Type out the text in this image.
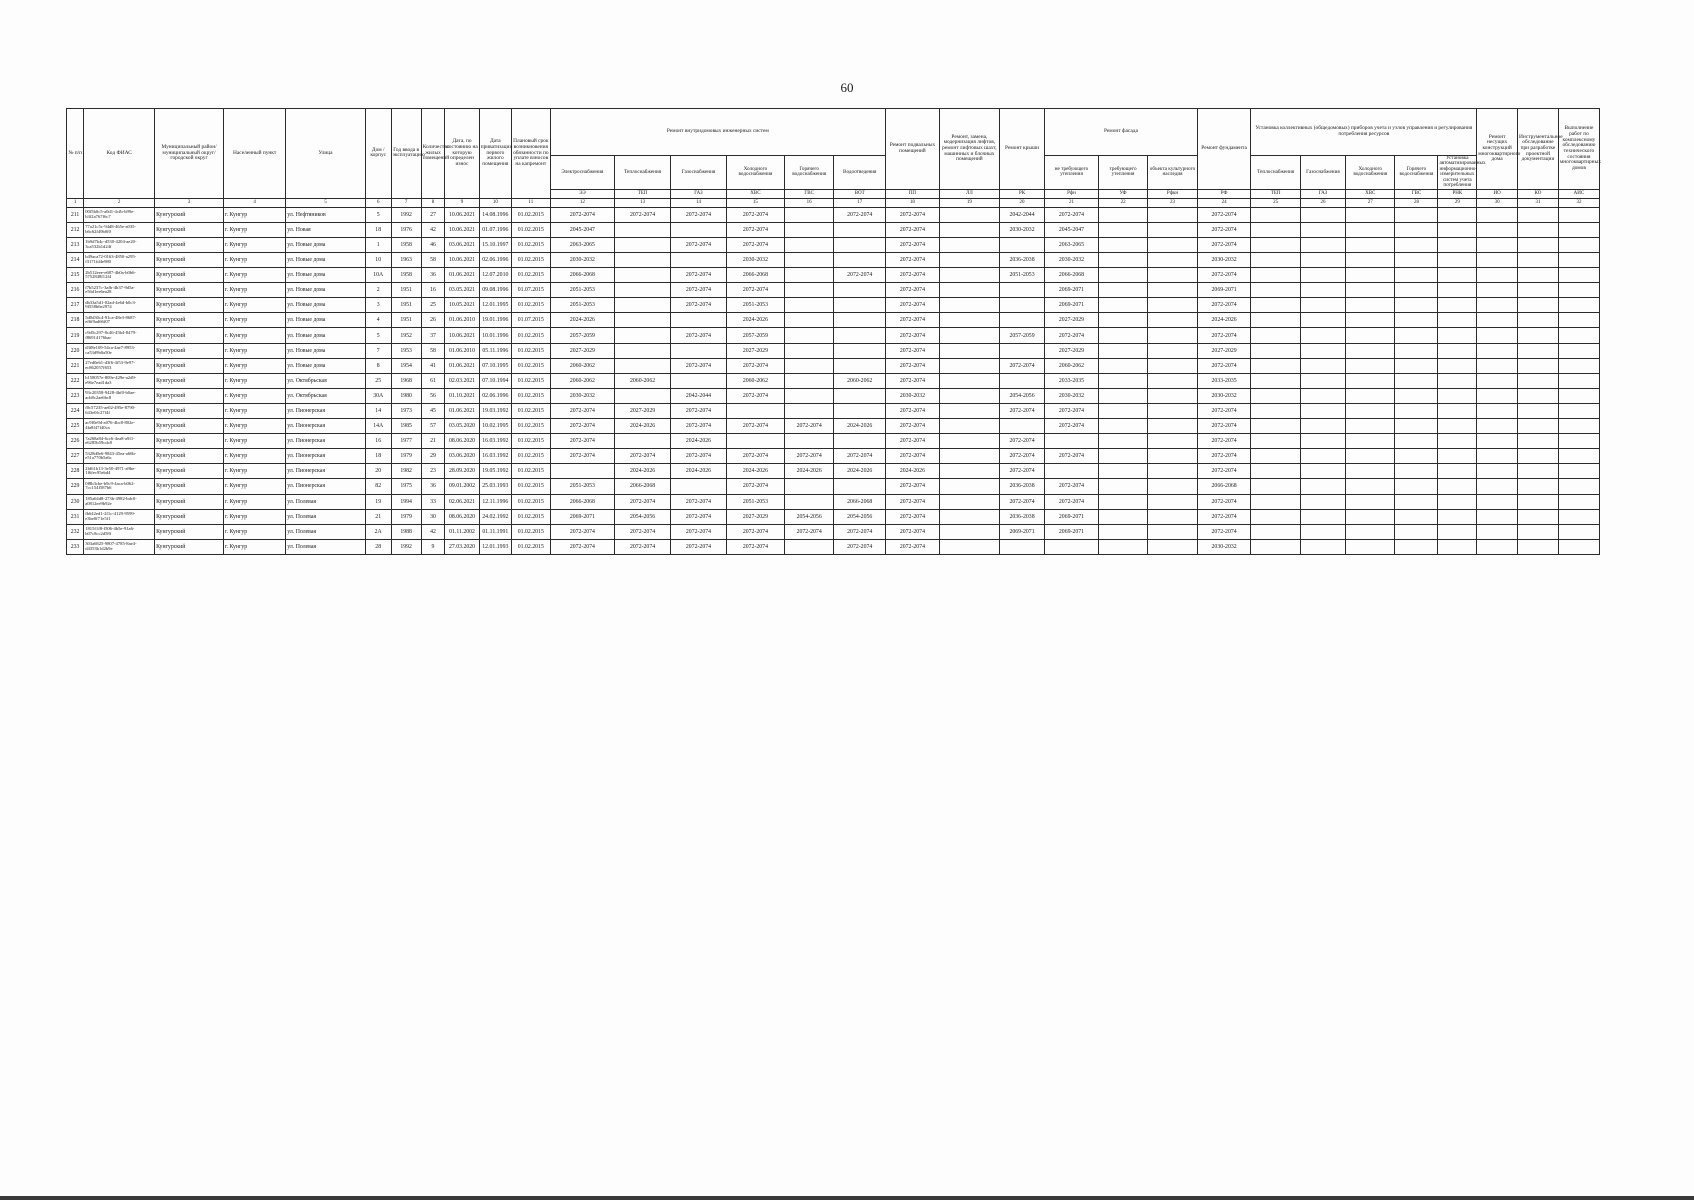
60
№ п/п	Код ФИАС	Муниципальный район/муниципальный округ/городской округ	Населенный пункт	Улица	Дом / корпус	Год ввода в эксплуатацию	Количество жилых помещений	Дата, по состоянию на которую определен износ	Дата приватизации первого жилого помещения	Плановый срок возникновения обязанности по уплате взносов на капремонт	Ремонт внутридомовых инженерных систем						Ремонт подвальных помещений	Ремонт, замена, модернизация лифтов, ремонт лифтовых шахт, машинных и блочных помещений	Ремонт крыши	Ремонт фасада			Ремонт фундамента	Установка коллективных (общедомовых) приборов учета и узлов управления и регулирования потребления ресурсов					Ремонт несущих конструкций многоквартирного дома	Инструментальное обследование при разработке проектной документации	Выполнение работ по комплексному обследованию технического состояния многоквартирных домов
											Электроснабжения	Теплоснабжения	Газоснабжения	Холодного водоснабжения	Горячего водоснабжения	Водоотведения				не требующего утепления	требующего утепления	объекта культурного наследия		Теплоснабжения	Газоснабжения	Холодного водоснабжения	Горячего водоснабжения	Установка автоматизированных информационно-измерительных систем учета потребления			
											ЭЭ	ТЕП	ГАЗ	ХВС	ГВС	ВОТ	ПП	ЛЛ	РК	Рфн	УФ	Рфкн	РФ	ТЕП	ГАЗ	ХВС	ГВС	РНК	ИО	КО	АИС
1	2	3	4	5	6	7	8	9	10	11	12	13	14	15	16	17	18	19	20	21	22	23	24	25	26	27	28	29	30	31	32
211	00f5b0c5-a0d1-4cfb-b99e-b3f2a767f6c7	Кунгурский	г. Кунгур	ул. Нефтяников	5	1992	27	10.06.2021	14.08.1996	01.02.2015	2072-2074	2072-2074	2072-2074	2072-2074		2072-2074	2072-2074		2042-2044	2072-2074			2072-2074								
212	77a21c5c-94d8-465e-a035-b6c62f49b0f0	Кунгурский	г. Кунгур	ул. Новая	18	1976	42	10.06.2021	01.07.1996	01.02.2015	2045-2047			2072-2074			2072-2074		2030-2032	2045-2047			2072-2074								
213	1b9d7b4c-d530-4204-ae20-3ca532b1d24f	Кунгурский	г. Кунгур	ул. Новые дома	1	1958	46	03.06.2021	15.10.1997	01.02.2015	2063-2065		2072-2074	2072-2074			2072-2074			2063-2065			2072-2074								
214	b49aca72-0163-4850-a295-f3171fd4e980	Кунгурский	г. Кунгур	ул. Новые дома	10	1963	58	10.06.2021	02.06.1996	01.02.2015	2030-2032			2030-2032			2072-2074		2036-2038	2030-2032			2030-2032								
215	2b512eee-e687-4b0a-b0b6-5752848f12f4	Кунгурский	г. Кунгур	ул. Новые дома	10А	1958	36	01.06.2021	12.07.2010	01.02.2015	2066-2068		2072-2074	2066-2068		2072-2074	2072-2074		2051-2053	2066-2068			2072-2074								
216	f7b5237c-3afb-4b37-9d5a-e56d1ee6ea28	Кунгурский	г. Кунгур	ул. Новые дома	2	1951	16	03.05.2021	09.08.1996	01.07.2015	2051-2053		2072-2074	2072-2074			2072-2074			2069-2071			2069-2071								
217	db33a5d1-02ad-4e6d-b0c3-9f558b6e2974	Кунгурский	г. Кунгур	ул. Новые дома	3	1951	25	10.05.2021	12.01.1995	01.02.2015	2051-2053		2072-2074	2051-2053			2072-2074			2069-2071			2072-2074								
218	5d0d30c4-91ca-48e3-8687-ef6f9ad66f07	Кунгурский	г. Кунгур	ул. Новые дома	4	1951	26	01.06.2010	19.01.1996	01.07.2015	2024-2026			2024-2026			2072-2074			2027-2029			2024-2026								
219	c9d5c297-8c46-45b4-8479-f86914176bac	Кунгурский	г. Кунгур	ул. Новые дома	5	1952	37	10.06.2021	10.01.1996	01.02.2015	2057-2059		2072-2074	2057-2059			2072-2074		2057-2059	2072-2074			2072-2074								
220	d3f8e109-54ca-4ae7-8953-ca53d9b0a50e	Кунгурский	г. Кунгур	ул. Новые дома	7	1953	58	01.06.2010	05.11.1996	01.02.2015	2027-2029			2027-2029			2072-2074			2027-2029			2027-2029								
221	27ed0eb1-d3f6-4f53-9e97-ec862057f653	Кунгурский	г. Кунгур	ул. Новые дома	8	1954	41	01.06.2021	07.10.1995	01.02.2015	2060-2062		2072-2074	2072-2074			2072-2074		2072-2074	2060-2062			2072-2074								
222	b158057e-809e-429e-a2d9-e96e7ead1da3	Кунгурский	г. Кунгур	ул. Октябрьская	25	1968	61	02.03.2021	07.10.1994	01.02.2015	2060-2062	2060-2062		2060-2062		2060-2062	2072-2074			2033-2035			2033-2035								
223	93c20358-9428-4bf0-b0ae-acb8c2ae6bc8	Кунгурский	г. Кунгур	ул. Октябрьская	30А	1980	56	01.10.2021	02.06.1996	01.02.2015	2030-2032		2042-2044	2072-2074			2030-2032		2054-2056	2030-2032			2030-2032								
224	f0c57235-ae02-495e-8790-643e0fc27f4f	Кунгурский	г. Кунгур	ул. Пионерская	14	1973	45	01.06.2021	19.03.1992	01.02.2015	2072-2074	2027-2029	2072-2074				2072-2074		2072-2074	2072-2074			2072-2074								
225	ac9f0e9d-a076-4bc8-802e-4fa8f47f40ca	Кунгурский	г. Кунгур	ул. Пионерская	14А	1985	57	03.05.2020	10.02.1995	01.02.2015	2072-2074	2024-2026	2072-2074	2072-2074	2072-2074	2024-2026	2072-2074			2072-2074			2072-2074								
226	7a268a84-6cc6-4ea8-a9f1-e6285b59cdc8	Кунгурский	г. Кунгур	ул. Пионерская	16	1977	21	08.06.2020	16.03.1992	01.02.2015	2072-2074		2024-2026				2072-2074		2072-2074				2072-2074								
227	5328d0e6-9843-45ea-a66b-e51a770b5a6c	Кунгурский	г. Кунгур	ул. Пионерская	18	1979	29	03.06.2020	16.03.1992	01.02.2015	2072-2074	2072-2074	2072-2074	2072-2074	2072-2074	2072-2074	2072-2074		2072-2074	2072-2074			2072-2074								
228	2fd61b13-3e50-4971-a9be-1f6fec95ebd4	Кунгурский	г. Кунгур	ул. Пионерская	20	1982	23	28.09.2020	19.05.1992	01.02.2015		2024-2026	2024-2026	2024-2026	2024-2026	2024-2026	2024-2026		2072-2074				2072-2074								
229	0f8b3cbe-b9c9-4aca-b062-7cc154f587b6	Кунгурский	г. Кунгур	ул. Пионерская	82	1975	36	09.01.2002	25.03.1993	01.02.2015	2051-2053	2066-2068		2072-2074			2072-2074		2036-2038	2072-2074			2066-2068								
230	185a64d8-273b-4982-bdc0-a0812ee9b92e	Кунгурский	г. Кунгур	ул. Полевая	19	1994	33	02.06.2021	12.11.1996	01.02.2015	2066-2068	2072-2074	2072-2074	2051-2053		2066-2068	2072-2074		2072-2074	2072-2074			2072-2074								
231	fb642ed1-2f1c-4129-9599-e3be0f71e5f1	Кунгурский	г. Кунгур	ул. Полевая	21	1979	30	08.06.2020	24.02.1992	01.02.2015	2069-2071	2054-2056	2072-2074	2027-2029	2054-2056	2054-2056	2072-2074		2036-2038	2069-2071			2072-2074								
232	1815f1f8-f506-4b5e-91a6-b07c8cc2d58f	Кунгурский	г. Кунгур	ул. Полевая	2А	1988	42	01.11.2002	01.11.1991	01.02.2015	2072-2074	2072-2074	2072-2074	2072-2074	2072-2074	2072-2074	2072-2074		2069-2071	2069-2071			2072-2074								
233	303a6825-9807-4785-8ae4-d4353b1d2b9e	Кунгурский	г. Кунгур	ул. Полевая	28	1992	9	27.03.2020	12.01.1993	01.02.2015	2072-2074	2072-2074	2072-2074	2072-2074		2072-2074	2072-2074						2030-2032								
